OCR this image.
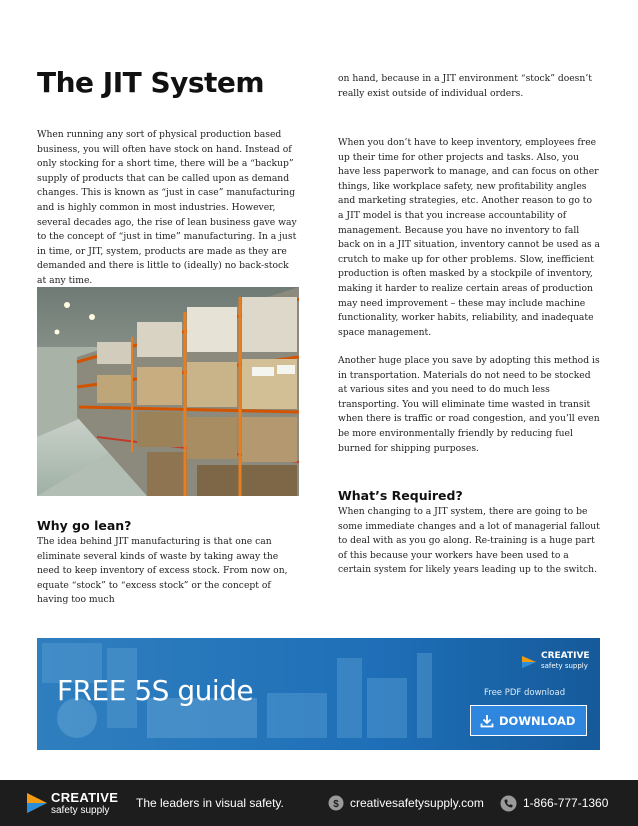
The JIT System

When running any sort of physical production based business, you will often have stock on hand. Instead of only stocking for a short time, there will be a “backup” supply of products that can be called upon as demand changes. This is known as “just in case” manufacturing and is highly common in most industries. However, several decades ago, the rise of lean business gave way to the concept of “just in time” manufacturing. In a just in time, or JIT, system, products are made as they are demanded and there is little to (ideally) no back-stock at any time.

Why go lean?

The idea behind JIT manufacturing is that one can eliminate several kinds of waste by taking away the need to keep inventory of excess stock. From now on, equate “stock” to “excess stock” or the concept of having too much

on hand, because in a JIT environment “stock” doesn’t really exist outside of individual orders.

When you don’t have to keep inventory, employees free up their time for other projects and tasks. Also, you have less paperwork to manage, and can focus on other things, like workplace safety, new profitability angles and marketing strategies, etc. Another reason to go to a JIT model is that you increase accountability of management. Because you have no inventory to fall back on in a JIT situation, inventory cannot be used as a crutch to make up for other problems. Slow, inefficient production is often masked by a stockpile of inventory, making it harder to realize certain areas of production may need improvement – these may include machine functionality, worker habits, reliability, and inadequate space management.

Another huge place you save by adopting this method is in transportation. Materials do not need to be stocked at various sites and you need to do much less transporting. You will eliminate time wasted in transit when there is traffic or road congestion, and you’ll even be more environmentally friendly by reducing fuel burned for shipping purposes.

What’s Required?

When changing to a JIT system, there are going to be some immediate changes and a lot of managerial fallout to deal with as you go along. Re-training is a huge part of this because your workers have been used to a certain system for likely years leading up to the switch.

FREE 5S guide
CREATIVE
safety supply
Free PDF download
DOWNLOAD
CREATIVE
safety supply
The leaders in visual safety.	$ creativesafetysupply.com	1-866-777-1360
